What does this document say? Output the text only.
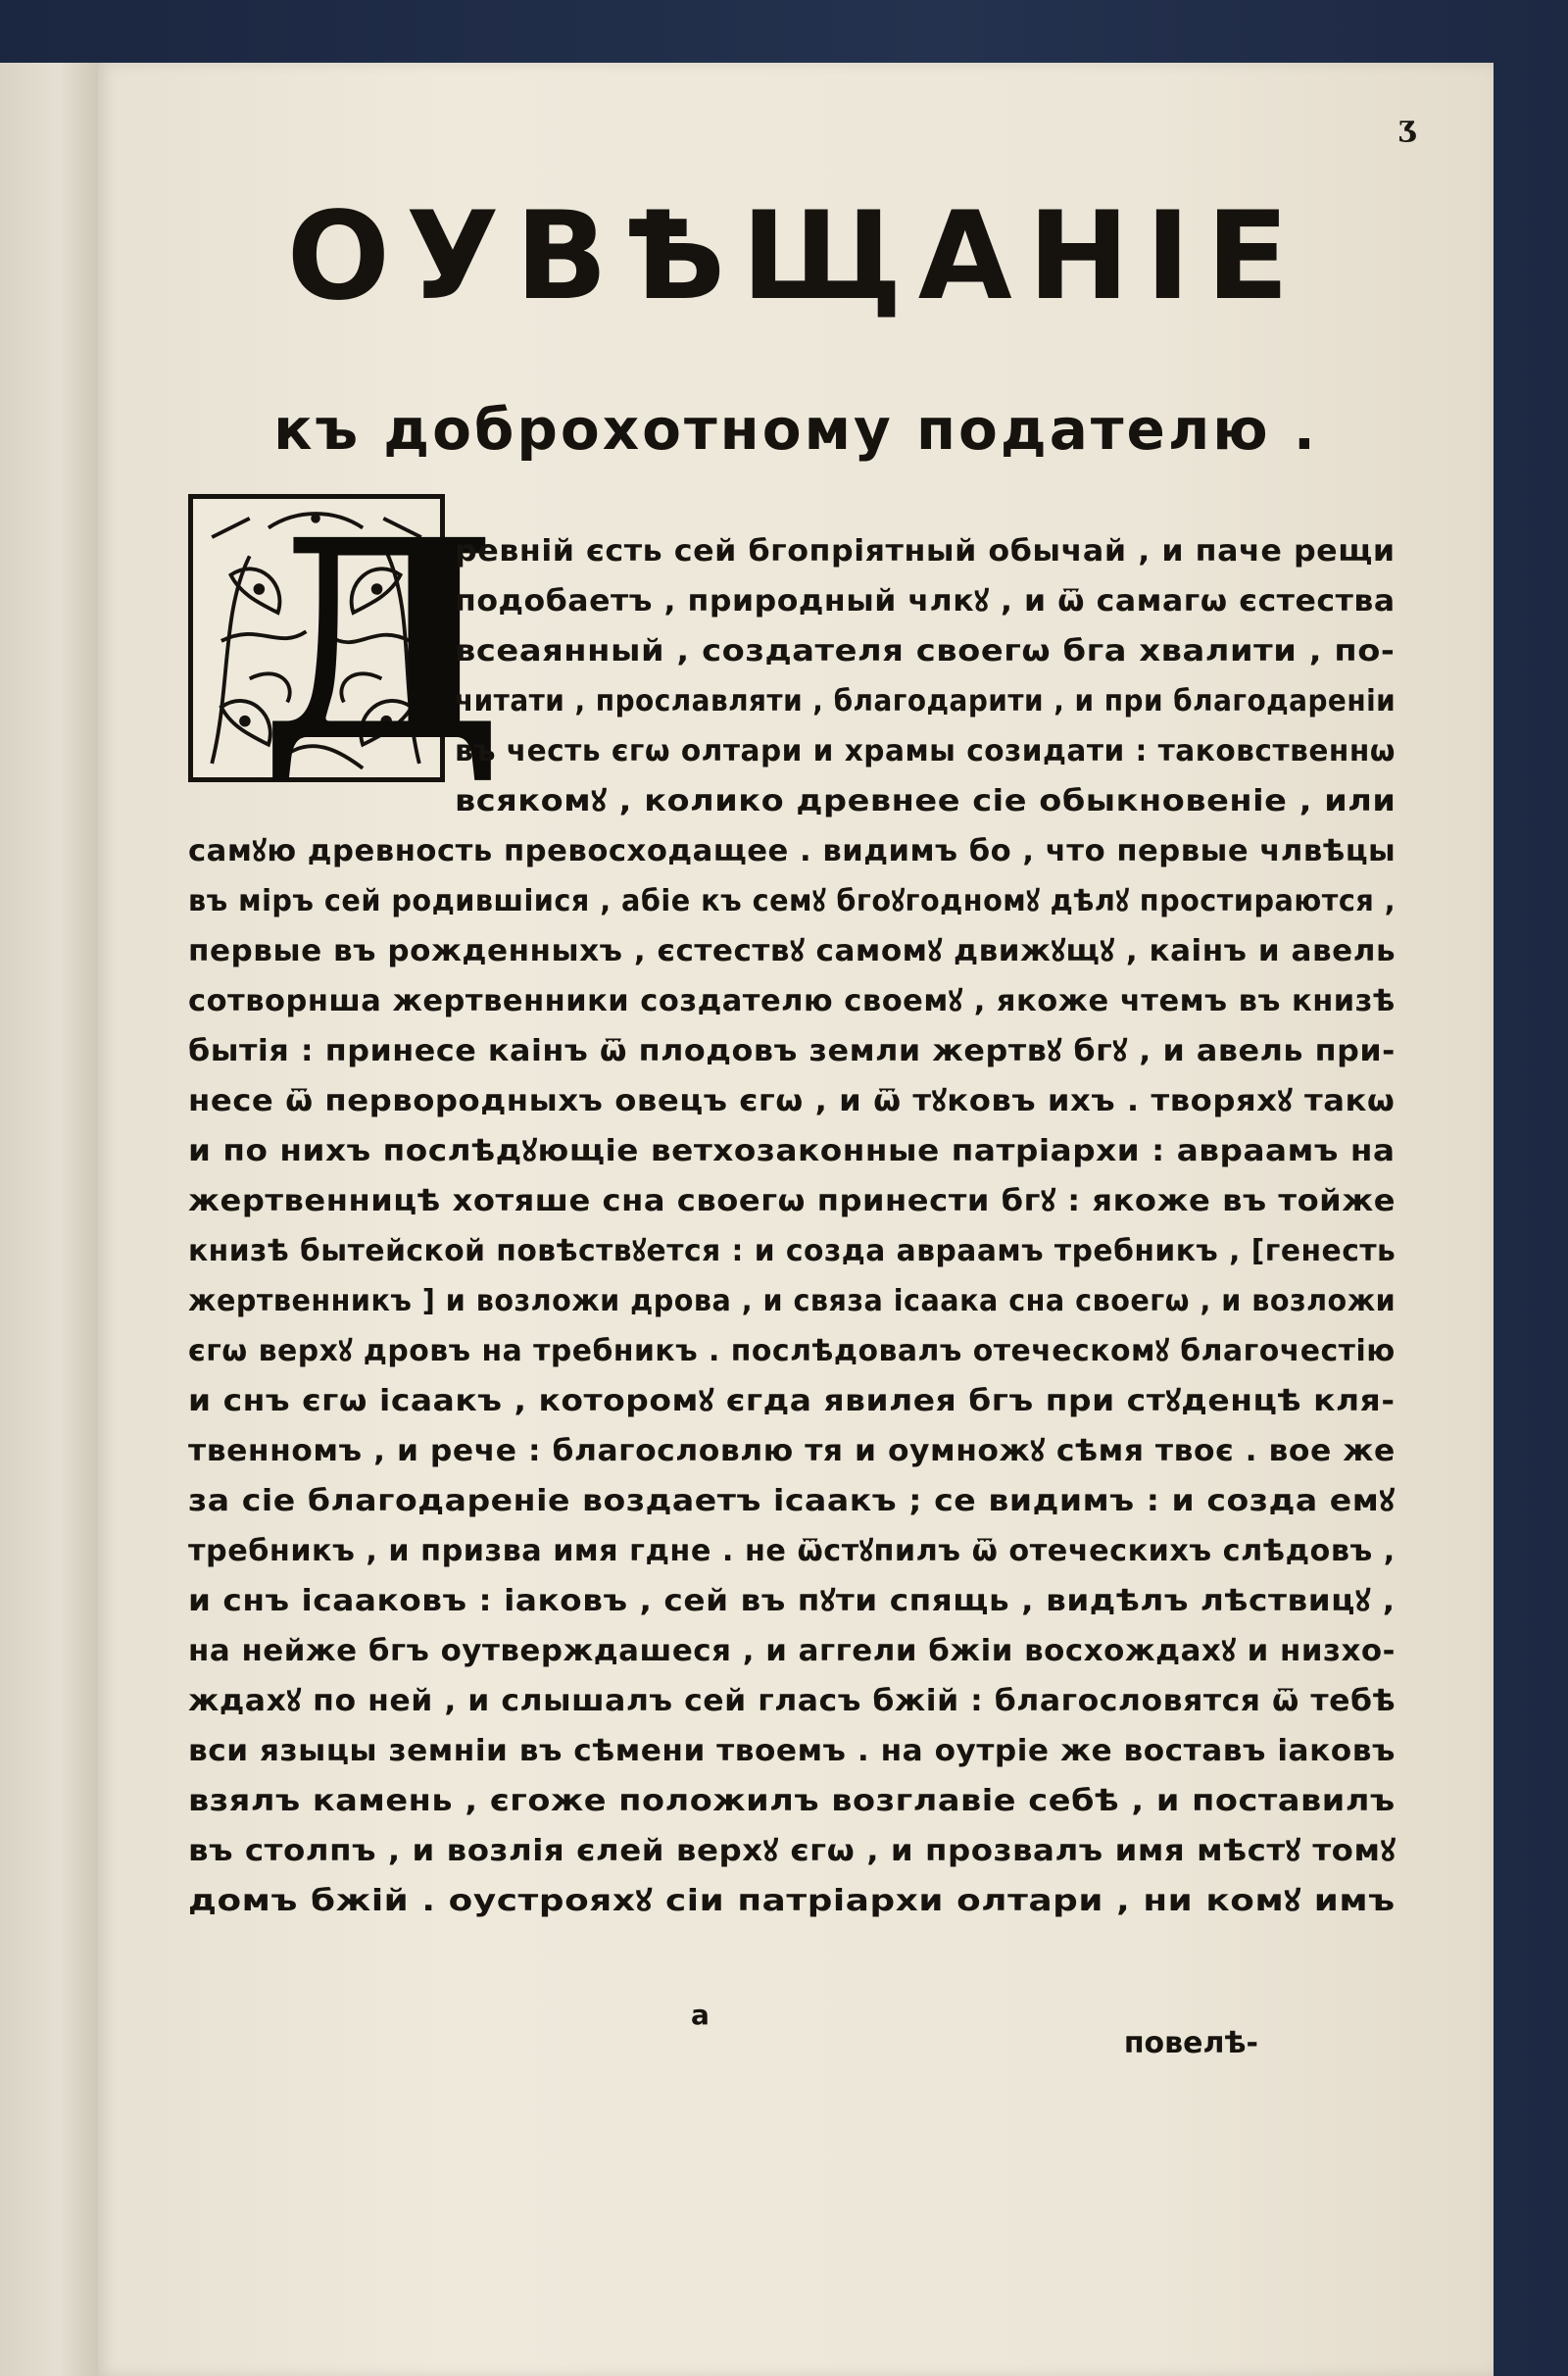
ӡ
ОУВѢЩАНІЕ
къ доброхотному подателю .
Д
ревній єсть сей бгопріятный обычай , и паче рещи
подобаетъ , природный члкꙋ , и ѿ самагѡ єстества
всеаянный , создателя своегѡ бга хвалити , по-
читати , прославляти , благодарити , и при благодареніи
въ честь єгѡ олтари и храмы созидати : таковственнѡ
всякомꙋ , колико древнее сіе обыкновеніе , или
самꙋю древность превосходащее . видимъ бо , что первые члвѣцы
въ міръ сей родившіися , абіе къ семꙋ бгоꙋгодномꙋ дѣлꙋ простираются ,
первые въ рожденныхъ , єстествꙋ самомꙋ движꙋщꙋ , каінъ и авель
сотворнша жертвенники создателю своемꙋ , якоже чтемъ въ книзѣ
бытія : принесе каінъ ѿ плодовъ земли жертвꙋ бгꙋ , и авель при-
несе ѿ первородныхъ овецъ єгѡ , и ѿ тꙋковъ ихъ . творяхꙋ такѡ
и по нихъ послѣдꙋющіе ветхозаконные патріархи : авраамъ на
жертвенницѣ хотяше сна своегѡ принести бгꙋ : якоже въ тойже
книзѣ бытейской повѣствꙋется : и созда авраамъ требникъ , [генесть
жертвенникъ ] и возложи дрова , и связа ісаака сна своегѡ , и возложи
єгѡ верхꙋ дровъ на требникъ . послѣдовалъ отеческомꙋ благочестію
и снъ єгѡ ісаакъ , которомꙋ єгда явилея бгъ при стꙋденцѣ кля-
твенномъ , и рече : благословлю тя и оумножꙋ сѣмя твоє . вое же
за сіе благодареніе воздаетъ ісаакъ ; се видимъ : и созда емꙋ
требникъ , и призва имя гдне . не ѿстꙋпилъ ѿ отеческихъ слѣдовъ ,
и снъ ісааковъ : іаковъ , сей въ пꙋти спящь , видѣлъ лѣствицꙋ ,
на нейже бгъ оутверждашеся , и аггели бжіи восхождахꙋ и низхо-
ждахꙋ по ней , и слышалъ сей гласъ бжій : благословятся ѿ тебѣ
вси языцы земніи въ сѣмени твоемъ . на оутріе же воставъ іаковъ
взялъ камень , єгоже положилъ возглавіе себѣ , и поставилъ
въ столпъ , и возлія єлей верхꙋ єгѡ , и прозвалъ имя мѣстꙋ томꙋ
домъ бжій . оустрояхꙋ сіи патріархи олтари , ни комꙋ имъ
а
повелѣ-
